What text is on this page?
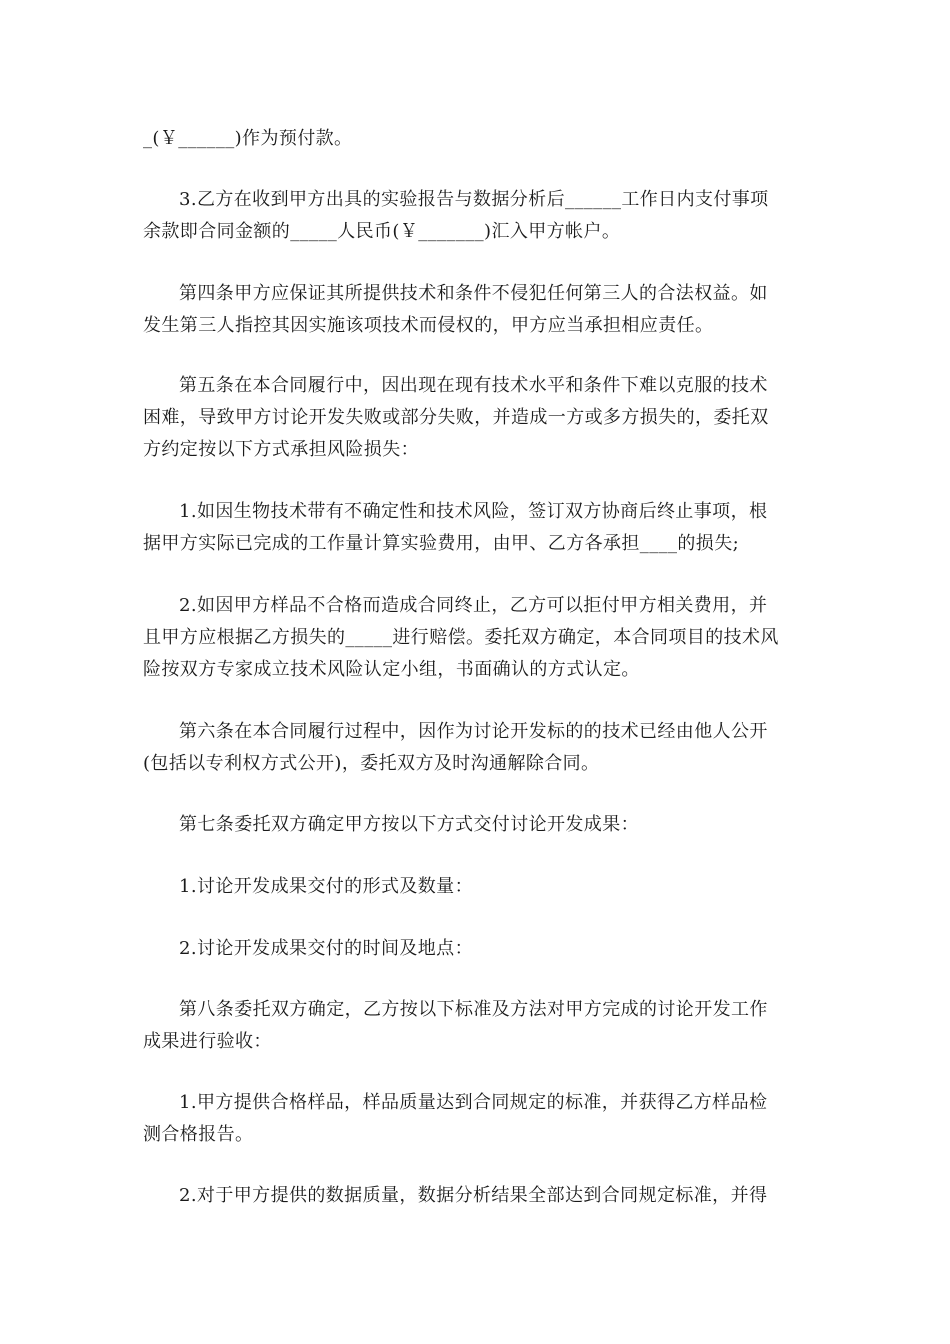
_(￥______)作为预付款。

3.乙方在收到甲方出具的实验报告与数据分析后______工作日内支付事项
余款即合同金额的_____人民币(￥_______)汇入甲方帐户。

第四条甲方应保证其所提供技术和条件不侵犯任何第三人的合法权益。如
发生第三人指控其因实施该项技术而侵权的，甲方应当承担相应责任。

第五条在本合同履行中，因出现在现有技术水平和条件下难以克服的技术
困难，导致甲方讨论开发失败或部分失败，并造成一方或多方损失的，委托双
方约定按以下方式承担风险损失：

1.如因生物技术带有不确定性和技术风险，签订双方协商后终止事项，根
据甲方实际已完成的工作量计算实验费用，由甲、乙方各承担____的损失;

2.如因甲方样品不合格而造成合同终止，乙方可以拒付甲方相关费用，并
且甲方应根据乙方损失的_____进行赔偿。委托双方确定，本合同项目的技术风
险按双方专家成立技术风险认定小组，书面确认的方式认定。

第六条在本合同履行过程中，因作为讨论开发标的的技术已经由他人公开
(包括以专利权方式公开)，委托双方及时沟通解除合同。

第七条委托双方确定甲方按以下方式交付讨论开发成果：

1.讨论开发成果交付的形式及数量：

2.讨论开发成果交付的时间及地点：

第八条委托双方确定，乙方按以下标准及方法对甲方完成的讨论开发工作
成果进行验收：

1.甲方提供合格样品，样品质量达到合同规定的标准，并获得乙方样品检
测合格报告。

2.对于甲方提供的数据质量，数据分析结果全部达到合同规定标准，并得
